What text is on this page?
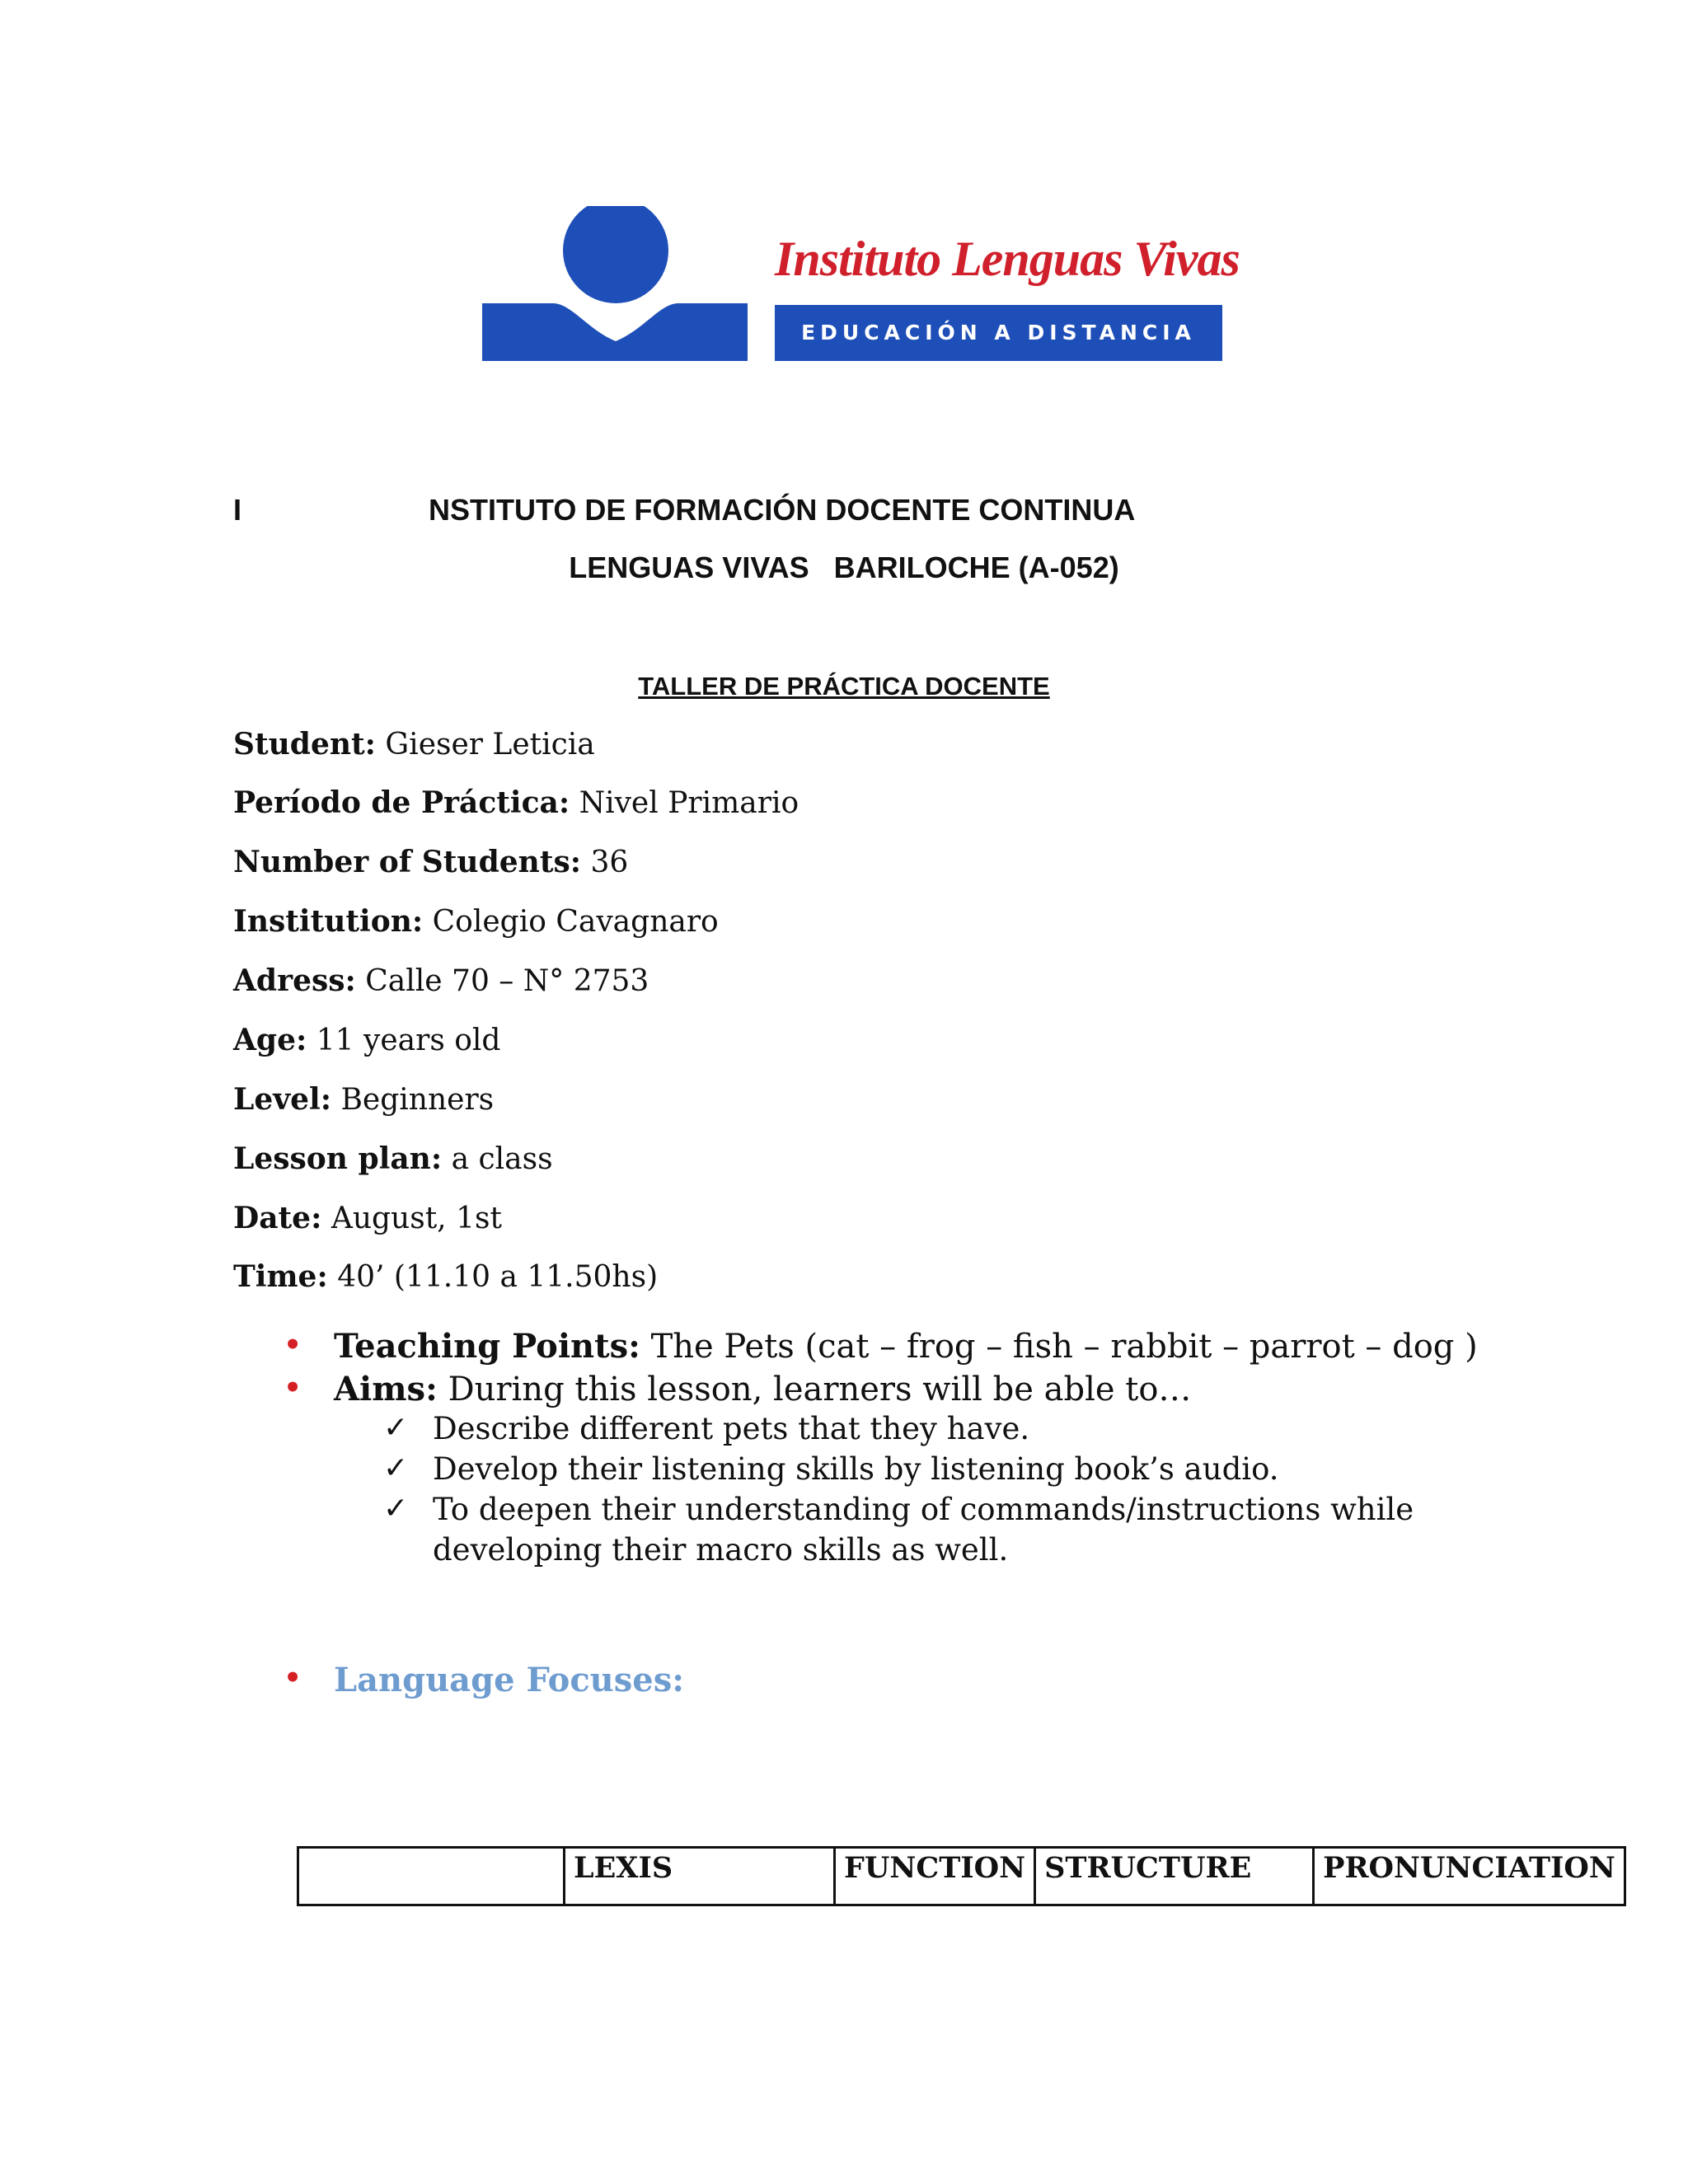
Instituto Lenguas Vivas
EDUCACIÓN A DISTANCIA
I	NSTITUTO DE FORMACIÓN DOCENTE CONTINUA
LENGUAS VIVAS   BARILOCHE (A-052)
TALLER DE PRÁCTICA DOCENTE
Student: Gieser Leticia
Período de Práctica: Nivel Primario
Number of Students: 36
Institution: Colegio Cavagnaro
Adress: Calle 70 – N° 2753
Age: 11 years old
Level: Beginners
Lesson plan: a class
Date: August, 1st
Time: 40’ (11.10 a 11.50hs)
• Teaching Points: The Pets (cat – frog – fish – rabbit – parrot – dog )
• Aims: During this lesson, learners will be able to…
✓ Describe different pets that they have.
✓ Develop their listening skills by listening book’s audio.
✓ To deepen their understanding of commands/instructions while
developing their macro skills as well.
• Language Focuses:
	LEXIS	FUNCTION	STRUCTURE	PRONUNCIATION
